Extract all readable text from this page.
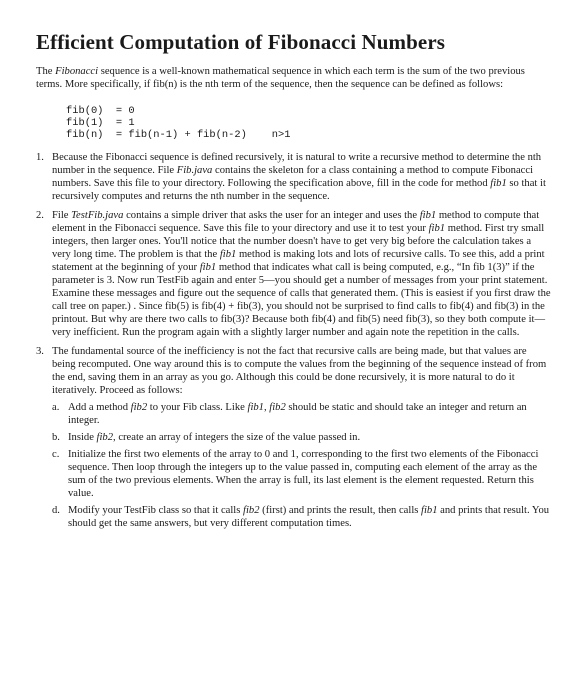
Efficient Computation of Fibonacci Numbers

The Fibonacci sequence is a well-known mathematical sequence in which each term is the sum of the two previous terms. More specifically, if fib(n) is the nth term of the sequence, then the sequence can be defined as follows:

fib(0)  = 0
fib(1)  = 1
fib(n)  = fib(n-1) + fib(n-2)    n>1
1. Because the Fibonacci sequence is defined recursively, it is natural to write a recursive method to determine the nth number in the sequence. File Fib.java contains the skeleton for a class containing a method to compute Fibonacci numbers. Save this file to your directory. Following the specification above, fill in the code for method fib1 so that it recursively computes and returns the nth number in the sequence.
2. File TestFib.java contains a simple driver that asks the user for an integer and uses the fib1 method to compute that element in the Fibonacci sequence. Save this file to your directory and use it to test your fib1 method. First try small integers, then larger ones. You'll notice that the number doesn't have to get very big before the calculation takes a very long time. The problem is that the fib1 method is making lots and lots of recursive calls. To see this, add a print statement at the beginning of your fib1 method that indicates what call is being computed, e.g., “In fib 1(3)” if the parameter is 3. Now run TestFib again and enter 5—you should get a number of messages from your print statement. Examine these messages and figure out the sequence of calls that generated them. (This is easiest if you first draw the call tree on paper.) . Since fib(5) is fib(4) + fib(3), you should not be surprised to find calls to fib(4) and fib(3) in the printout. But why are there two calls to fib(3)? Because both fib(4) and fib(5) need fib(3), so they both compute it—very inefficient. Run the program again with a slightly larger number and again note the repetition in the calls.
3. The fundamental source of the inefficiency is not the fact that recursive calls are being made, but that values are being recomputed. One way around this is to compute the values from the beginning of the sequence instead of from the end, saving them in an array as you go. Although this could be done recursively, it is more natural to do it iteratively. Proceed as follows:
a. Add a method fib2 to your Fib class. Like fib1, fib2 should be static and should take an integer and return an integer.
b. Inside fib2, create an array of integers the size of the value passed in.
c. Initialize the first two elements of the array to 0 and 1, corresponding to the first two elements of the Fibonacci sequence. Then loop through the integers up to the value passed in, computing each element of the array as the sum of the two previous elements. When the array is full, its last element is the element requested. Return this value.
d. Modify your TestFib class so that it calls fib2 (first) and prints the result, then calls fib1 and prints that result. You should get the same answers, but very different computation times.
